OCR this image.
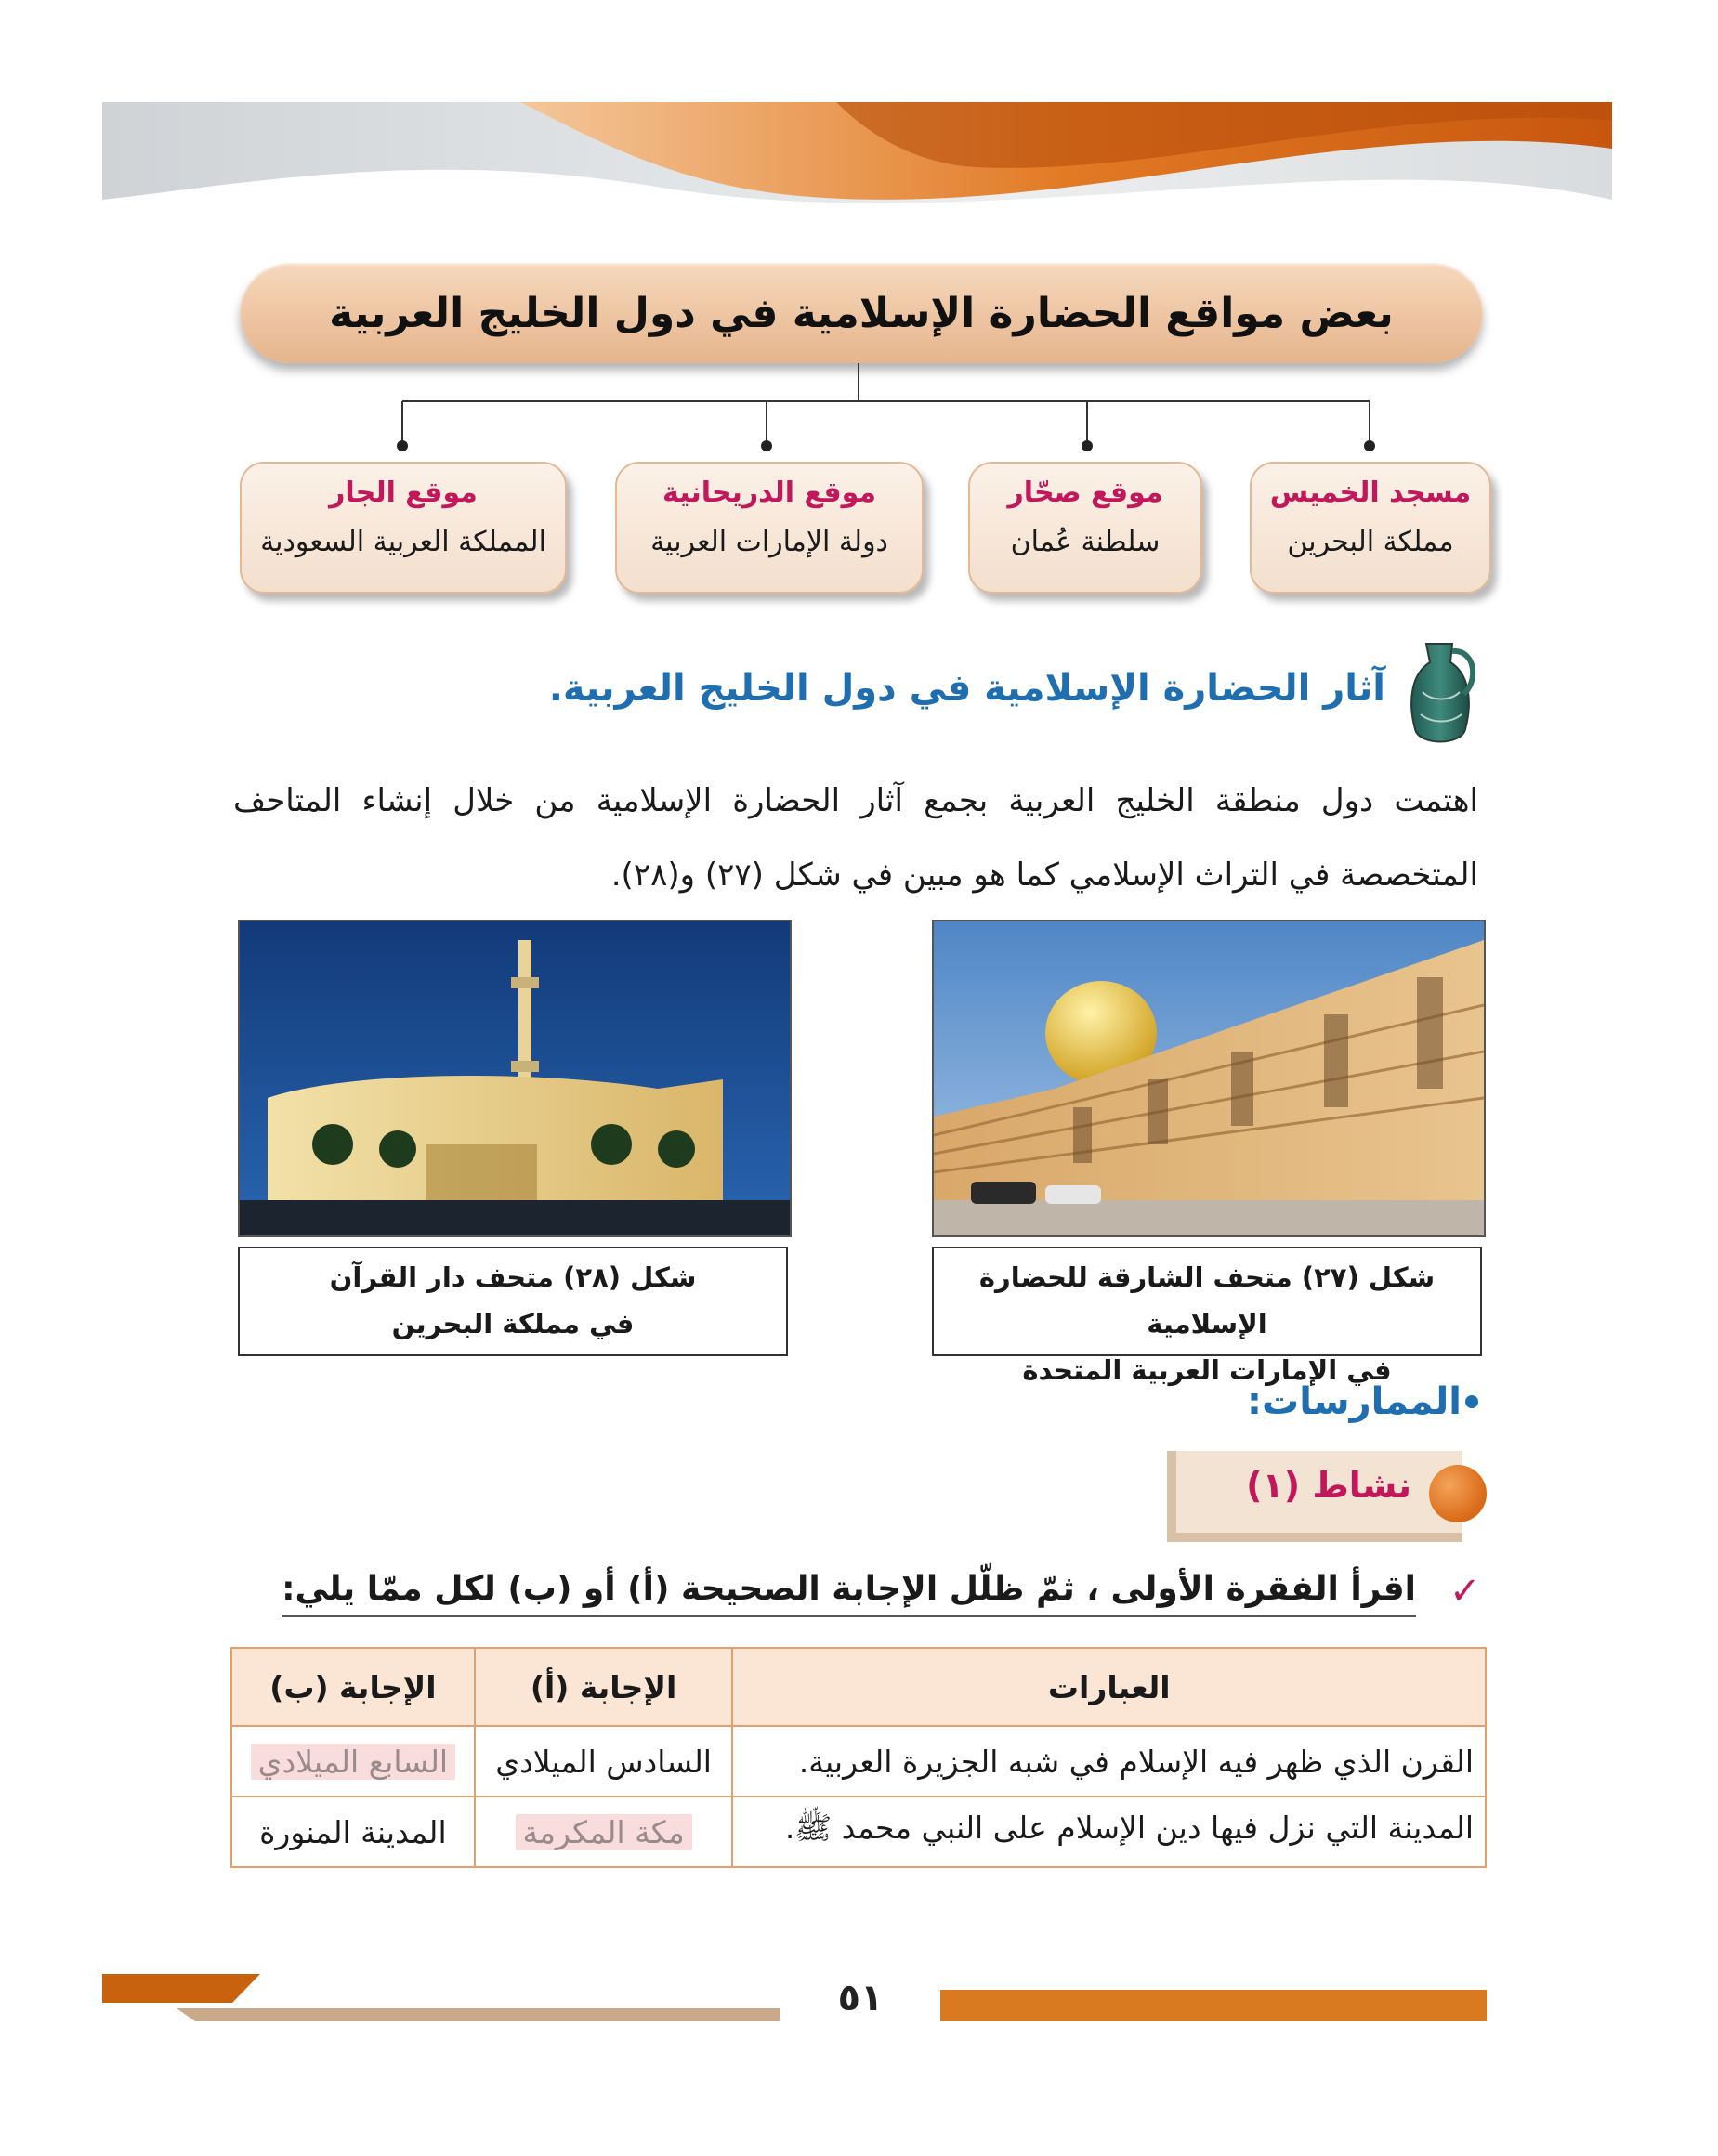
بعض مواقع الحضارة الإسلامية في دول الخليج العربية
مسجد الخميس
مملكة البحرين
موقع صحّار
سلطنة عُمان
موقع الدريحانية
دولة الإمارات العربية
موقع الجار
المملكة العربية السعودية
آثار الحضارة الإسلامية في دول الخليج العربية.
اهتمت دول منطقة الخليج العربية بجمع آثار الحضارة الإسلامية من خلال إنشاء المتاحف المتخصصة في التراث الإسلامي كما هو مبين في شكل (٢٧) و(٢٨).
شكل (٢٧) متحف الشارقة للحضارة الإسلامية
في الإمارات العربية المتحدة
شكل (٢٨) متحف دار القرآن
في مملكة البحرين
الممارسات:
نشاط (١)
✓
اقرأ الفقرة الأولى ، ثمّ ظلّل الإجابة الصحيحة (أ) أو (ب) لكل ممّا يلي:
العبارات	الإجابة (أ)	الإجابة (ب)
القرن الذي ظهر فيه الإسلام في شبه الجزيرة العربية.	السادس الميلادي	السابع الميلادي
المدينة التي نزل فيها دين الإسلام على النبي محمد ﷺ.	مكة المكرمة	المدينة المنورة
٥١
